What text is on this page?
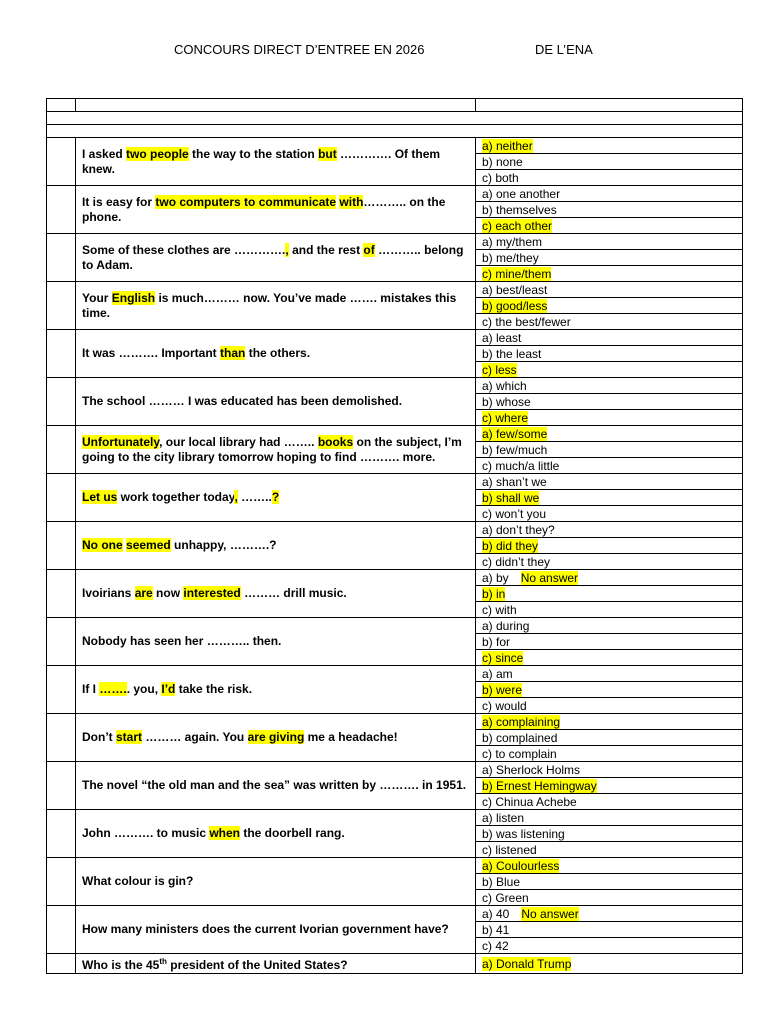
CONCOURS DIRECT D’ENTREE EN 2026	DE L’ENA

	I asked two people the way to the station but …………. Of them knew.	a) neither
		b) none
		c) both
	It is easy for two computers to communicate with……….. on the phone.	a) one another
		b) themselves
		c) each other
	Some of these clothes are …………., and the rest of ……….. belong to Adam.	a) my/them
		b) me/they
		c) mine/them
	Your English is much……… now. You’ve made ……. mistakes this time.	a) best/least
		b) good/less
		c) the best/fewer
	It was ………. Important than the others.	a) least
		b) the least
		c) less
	The school ……… I was educated has been demolished.	a) which
		b) whose
		c) where
	Unfortunately, our local library had …….. books on the subject, I’m going to the city library tomorrow hoping to find ………. more.	a) few/some
		b) few/much
		c) much/a little
	Let us work together today, ……..?	a) shan’t we
		b) shall we
		c) won’t you
	No one seemed unhappy, ……….?	a) don’t they?
		b) did they
		c) didn’t they
	Ivoirians are now interested ……… drill music.	a) by No answer
		b) in
		c) with
	Nobody has seen her ……….. then.	a) during
		b) for
		c) since
	If I …….. you, I’d take the risk.	a) am
		b) were
		c) would
	Don’t start ……… again. You are giving me a headache!	a) complaining
		b) complained
		c) to complain
	The novel “the old man and the sea” was written by ………. in 1951.	a) Sherlock Holms
		b) Ernest Hemingway
		c) Chinua Achebe
	John ………. to music when the doorbell rang.	a) listen
		b) was listening
		c) listened
	What colour is gin?	a) Coulourless
		b) Blue
		c) Green
	How many ministers does the current Ivorian government have?	a) 40 No answer
		b) 41
		c) 42
	Who is the 45th president of the United States?	a) Donald Trump
